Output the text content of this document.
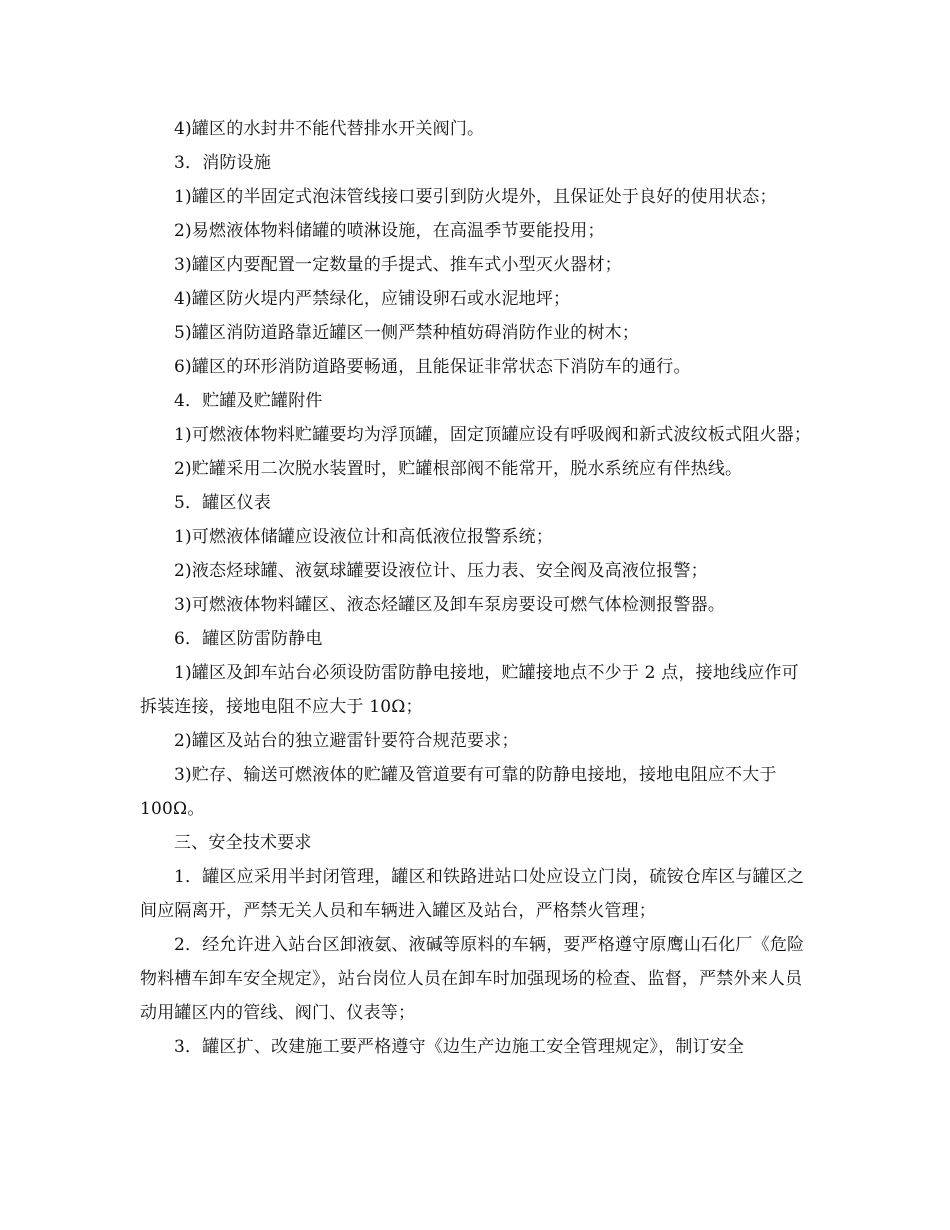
4)罐区的水封井不能代替排水开关阀门。

3．消防设施

1)罐区的半固定式泡沫管线接口要引到防火堤外，且保证处于良好的使用状态；

2)易燃液体物料储罐的喷淋设施，在高温季节要能投用；

3)罐区内要配置一定数量的手提式、推车式小型灭火器材；

4)罐区防火堤内严禁绿化，应铺设卵石或水泥地坪；

5)罐区消防道路靠近罐区一侧严禁种植妨碍消防作业的树木；

6)罐区的环形消防道路要畅通，且能保证非常状态下消防车的通行。

4．贮罐及贮罐附件

1)可燃液体物料贮罐要均为浮顶罐，固定顶罐应设有呼吸阀和新式波纹板式阻火器；

2)贮罐采用二次脱水装置时，贮罐根部阀不能常开，脱水系统应有伴热线。

5．罐区仪表

1)可燃液体储罐应设液位计和高低液位报警系统；

2)液态烃球罐、液氨球罐要设液位计、压力表、安全阀及高液位报警；

3)可燃液体物料罐区、液态烃罐区及卸车泵房要设可燃气体检测报警器。

6．罐区防雷防静电

1)罐区及卸车站台必须设防雷防静电接地，贮罐接地点不少于 2 点，接地线应作可拆装连接，接地电阻不应大于 10Ω；

2)罐区及站台的独立避雷针要符合规范要求；

3)贮存、输送可燃液体的贮罐及管道要有可靠的防静电接地，接地电阻应不大于 100Ω。

三、安全技术要求

1．罐区应采用半封闭管理，罐区和铁路进站口处应设立门岗，硫铵仓库区与罐区之间应隔离开，严禁无关人员和车辆进入罐区及站台，严格禁火管理；

2．经允许进入站台区卸液氨、液碱等原料的车辆，要严格遵守原鹰山石化厂《危险物料槽车卸车安全规定》，站台岗位人员在卸车时加强现场的检查、监督，严禁外来人员动用罐区内的管线、阀门、仪表等；

3．罐区扩、改建施工要严格遵守《边生产边施工安全管理规定》，制订安全
